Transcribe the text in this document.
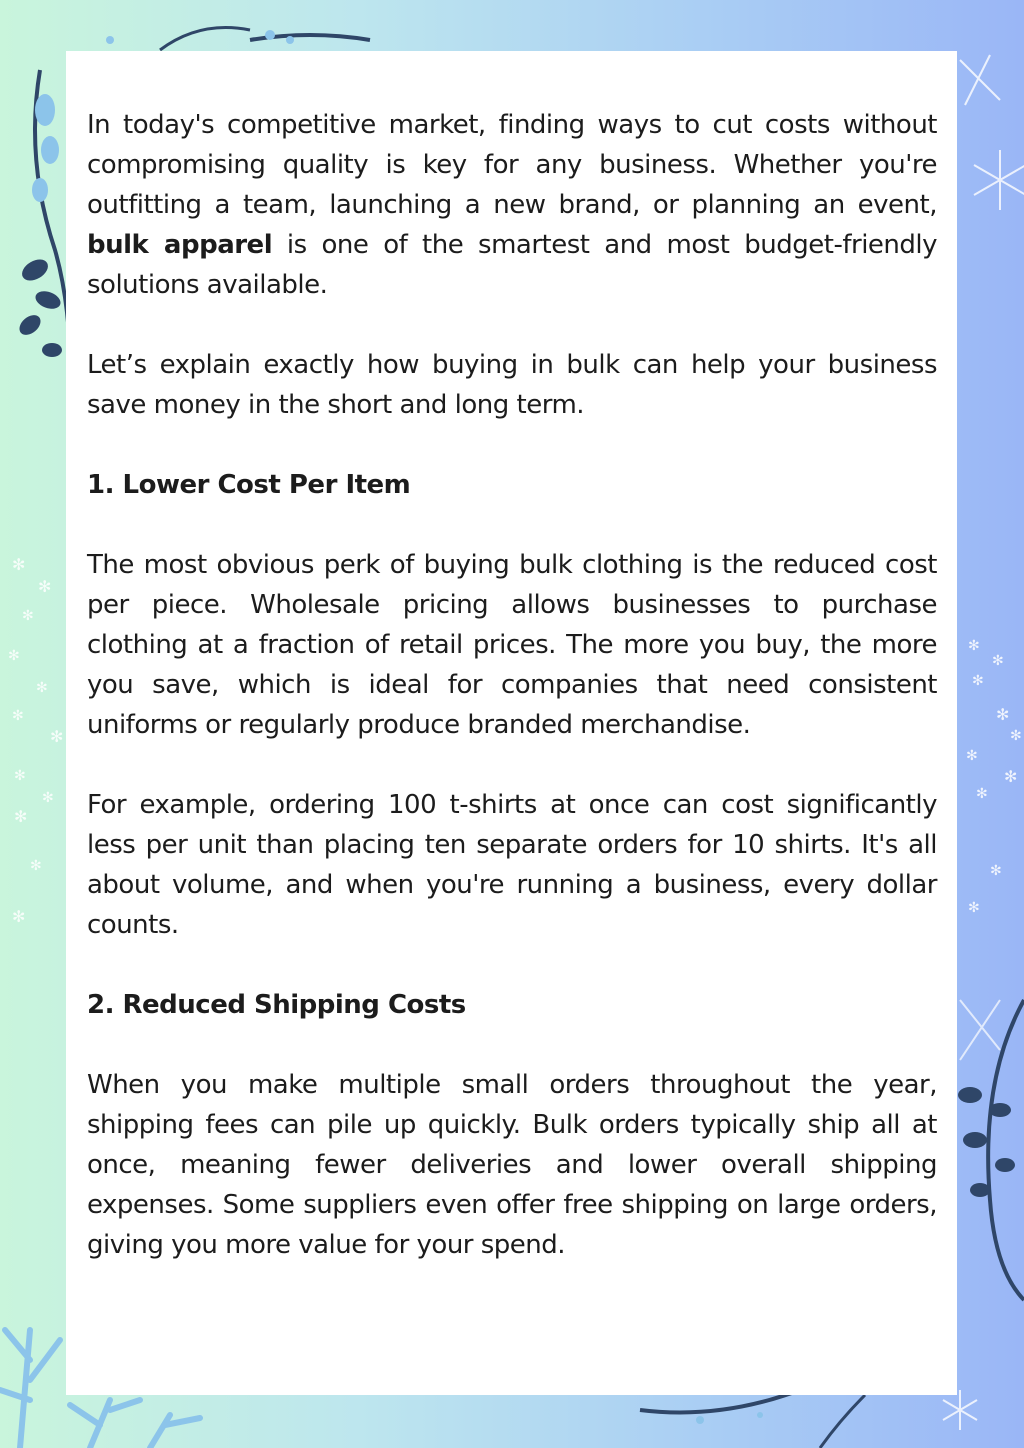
✻
✻
✻
✻
✻
✻
✻
✻
✻
✻
✻
✻
✻
✻
✻
✻
✻
✻
✻
✻
✻
✻

In today's competitive market, finding ways to cut costs without compromising quality is key for any business. Whether you're outfitting a team, launching a new brand, or planning an event, bulk apparel is one of the smartest and most budget-friendly solutions available.

Let’s explain exactly how buying in bulk can help your business save money in the short and long term.

1. Lower Cost Per Item

The most obvious perk of buying bulk clothing is the reduced cost per piece. Wholesale pricing allows businesses to purchase clothing at a fraction of retail prices. The more you buy, the more you save, which is ideal for companies that need consistent uniforms or regularly produce branded merchandise.

For example, ordering 100 t-shirts at once can cost significantly less per unit than placing ten separate orders for 10 shirts. It's all about volume, and when you're running a business, every dollar counts.

2. Reduced Shipping Costs

When you make multiple small orders throughout the year, shipping fees can pile up quickly. Bulk orders typically ship all at once, meaning fewer deliveries and lower overall shipping expenses. Some suppliers even offer free shipping on large orders, giving you more value for your spend.
